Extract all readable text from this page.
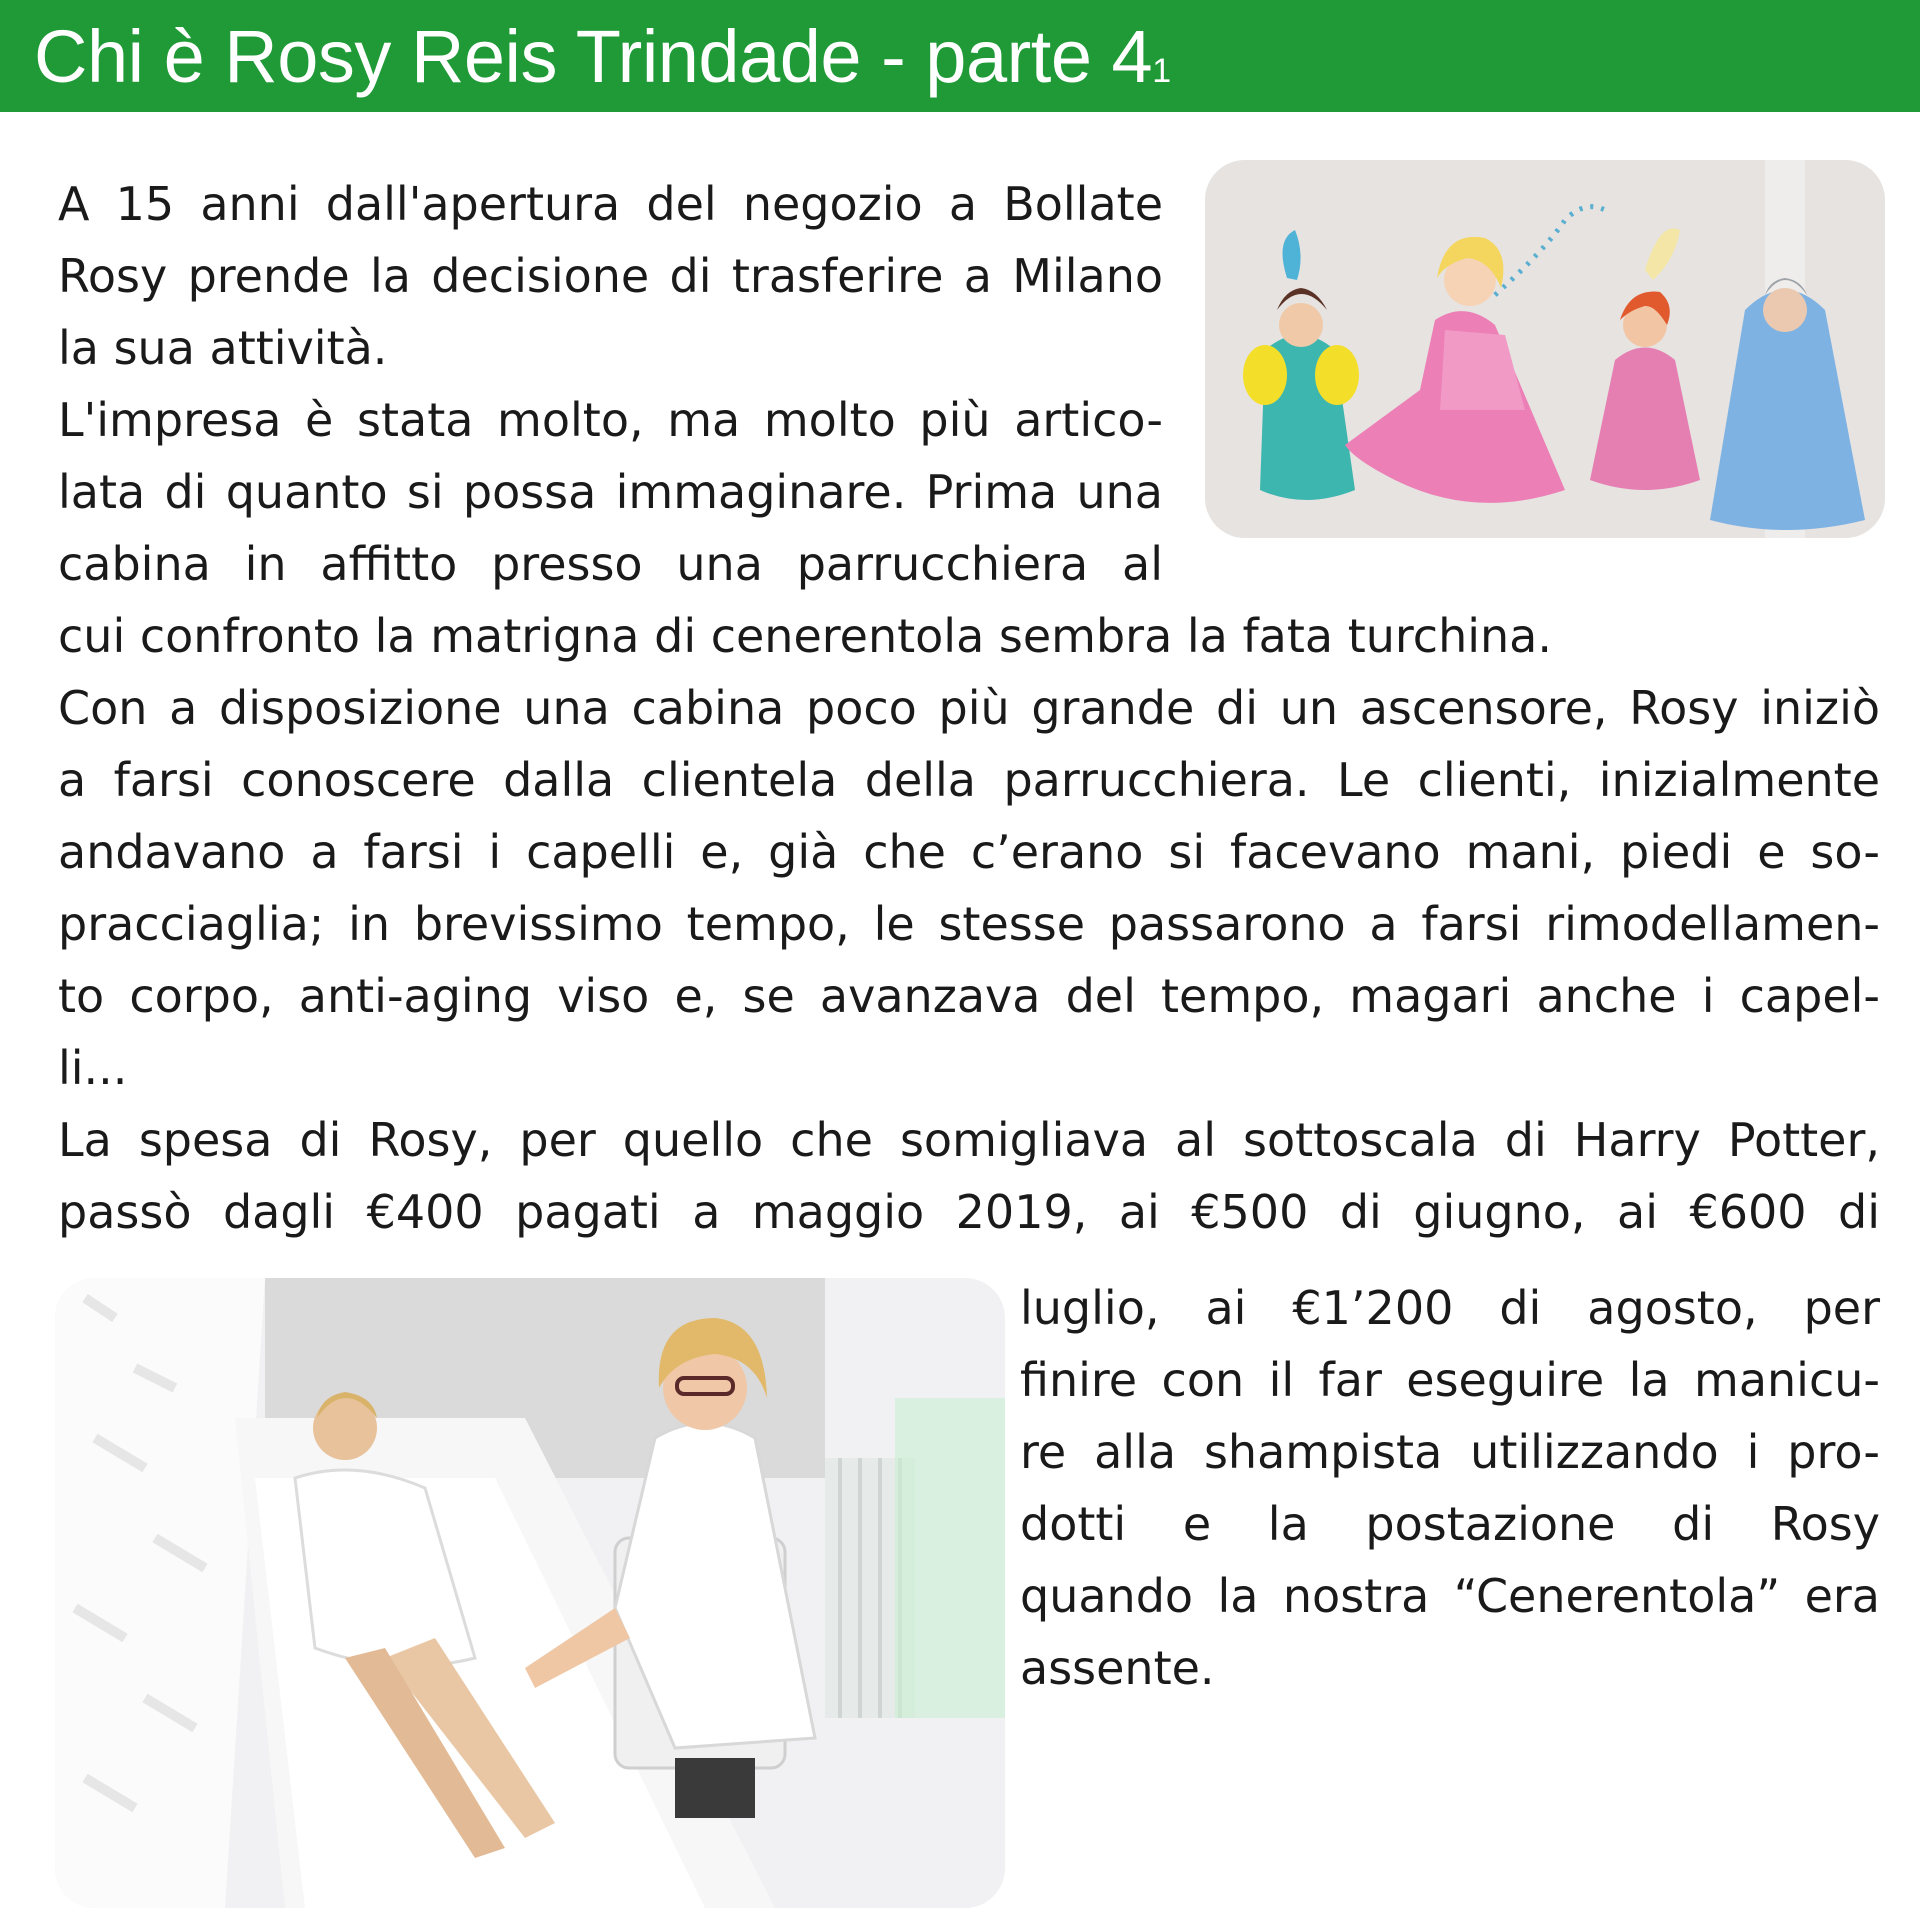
Chi è Rosy Reis Trindade - parte 41
A 15 anni dall'apertura del negozio a Bollate
Rosy prende la decisione di trasferire a Milano
la sua attività.
L'impresa è stata molto, ma molto più artico-
lata di quanto si possa immaginare. Prima una
cabina in affitto presso una parrucchiera al
cui confronto la matrigna di cenerentola sembra la fata turchina.
Con a disposizione una cabina poco più grande di un ascensore, Rosy iniziò
a farsi conoscere dalla clientela della parrucchiera. Le clienti, inizialmente
andavano a farsi i capelli e, già che c’erano si facevano mani, piedi e so-
pracciaglia; in brevissimo tempo, le stesse passarono a farsi rimodellamen-
to corpo, anti-aging viso e, se avanzava del tempo, magari anche i capel-
li...
La spesa di Rosy, per quello che somigliava al sottoscala di Harry Potter,
passò dagli €400 pagati a maggio 2019, ai €500 di giugno, ai €600 di
luglio, ai €1’200 di agosto, per
finire con il far eseguire la manicu-
re alla shampista utilizzando i pro-
dotti e la postazione di Rosy
quando la nostra “Cenerentola” era
assente.
